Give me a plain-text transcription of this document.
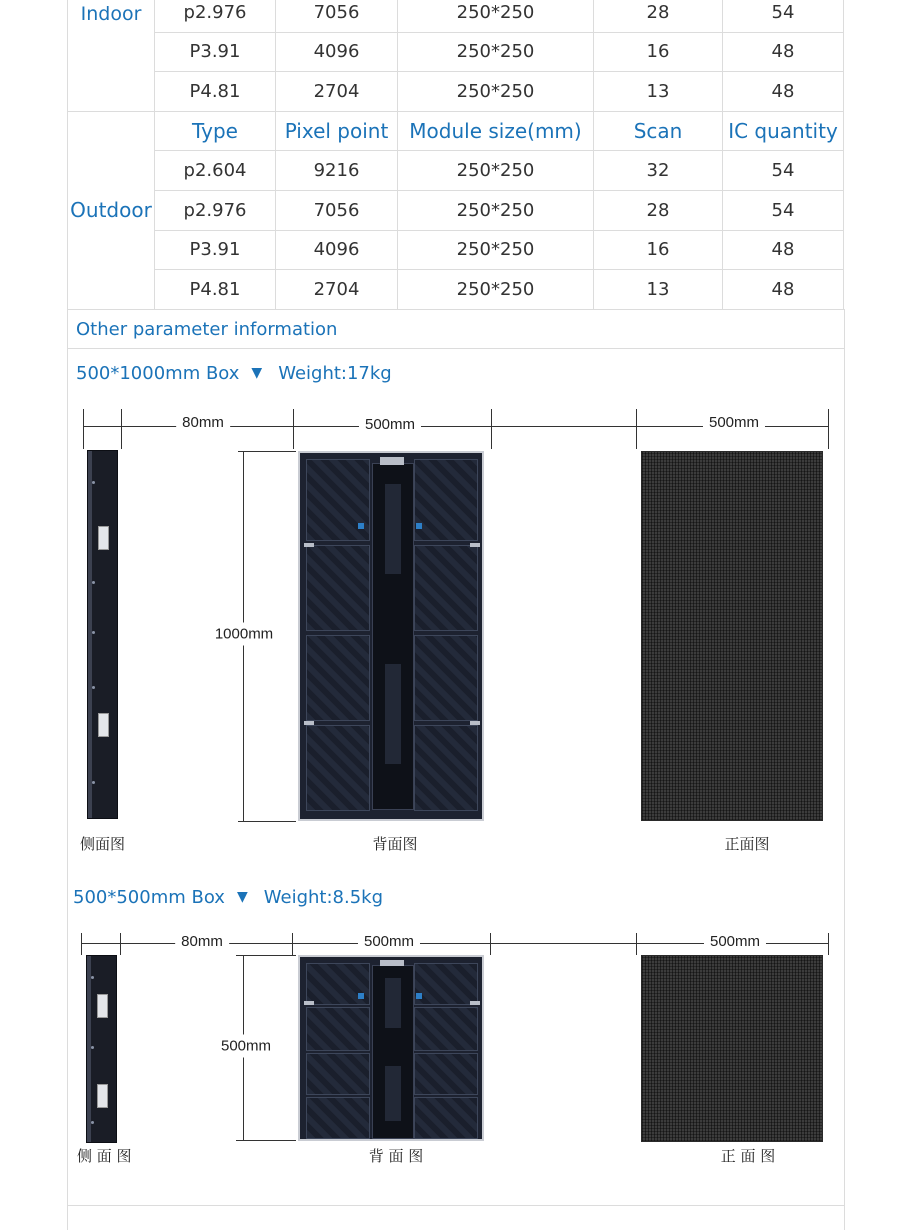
Indoor	p2.976	7056	250*250	28	54
	P3.91	4096	250*250	16	48
	P4.81	2704	250*250	13	48
Outdoor	Type	Pixel point	Module size(mm)	Scan	IC quantity
	p2.604	9216	250*250	32	54
	p2.976	7056	250*250	28	54
	P3.91	4096	250*250	16	48
	P4.81	2704	250*250	13	48
Other parameter information
500*1000mm Box ▼ Weight:17kg
80mm	500mm	500mm
1000mm
侧面图	背面图	正面图
500*500mm Box ▼ Weight:8.5kg
80mm	500mm	500mm
500mm
侧 面 图	背 面 图	正 面 图
